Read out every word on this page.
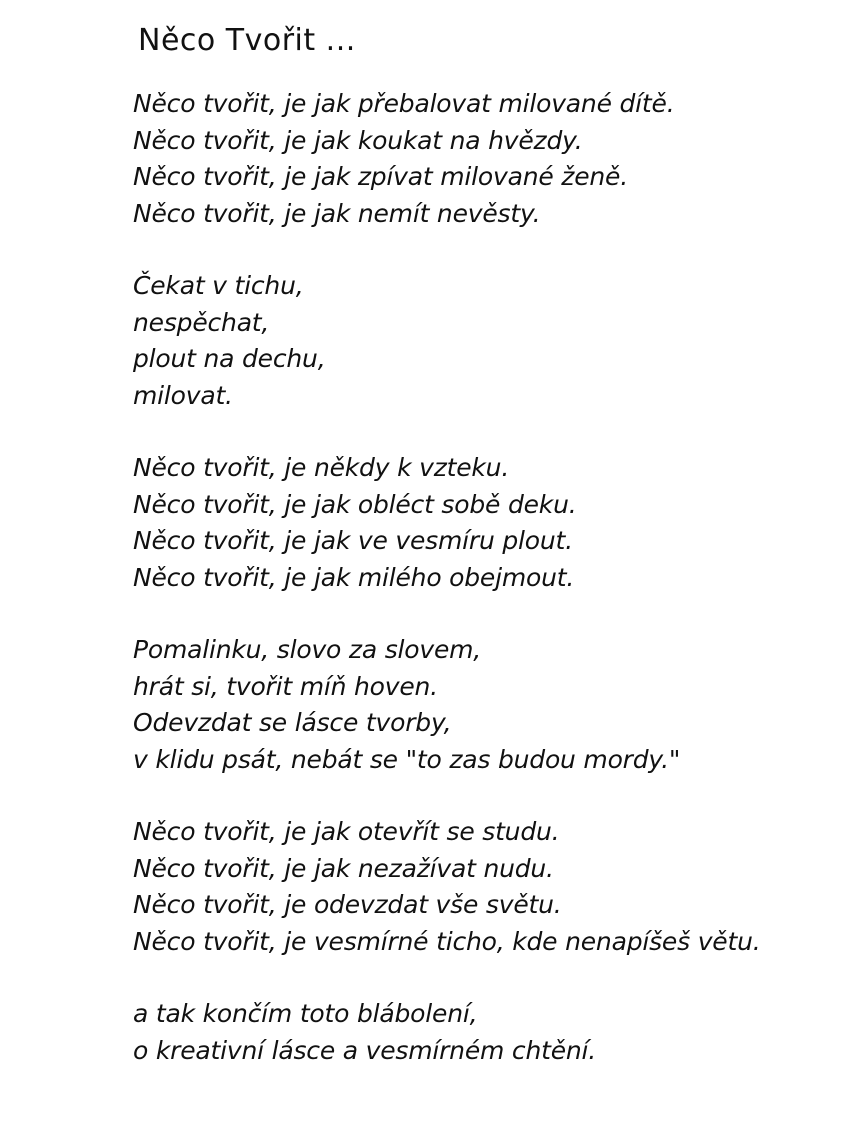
Něco Tvořit ...
Něco tvořit, je jak přebalovat milované dítě.
Něco tvořit, je jak koukat na hvězdy.
Něco tvořit, je jak zpívat milované ženě.
Něco tvořit, je jak nemít nevěsty.
Čekat v tichu,
nespěchat,
plout na dechu,
milovat.
Něco tvořit, je někdy k vzteku.
Něco tvořit, je jak obléct sobě deku.
Něco tvořit, je jak ve vesmíru plout.
Něco tvořit, je jak milého obejmout.
Pomalinku, slovo za slovem,
hrát si, tvořit míň hoven.
Odevzdat se lásce tvorby,
v klidu psát, nebát se "to zas budou mordy."
Něco tvořit, je jak otevřít se studu.
Něco tvořit, je jak nezažívat nudu.
Něco tvořit, je odevzdat vše světu.
Něco tvořit, je vesmírné ticho, kde nenapíšeš větu.
a tak končím toto blábolení,
o kreativní lásce a vesmírném chtění.
